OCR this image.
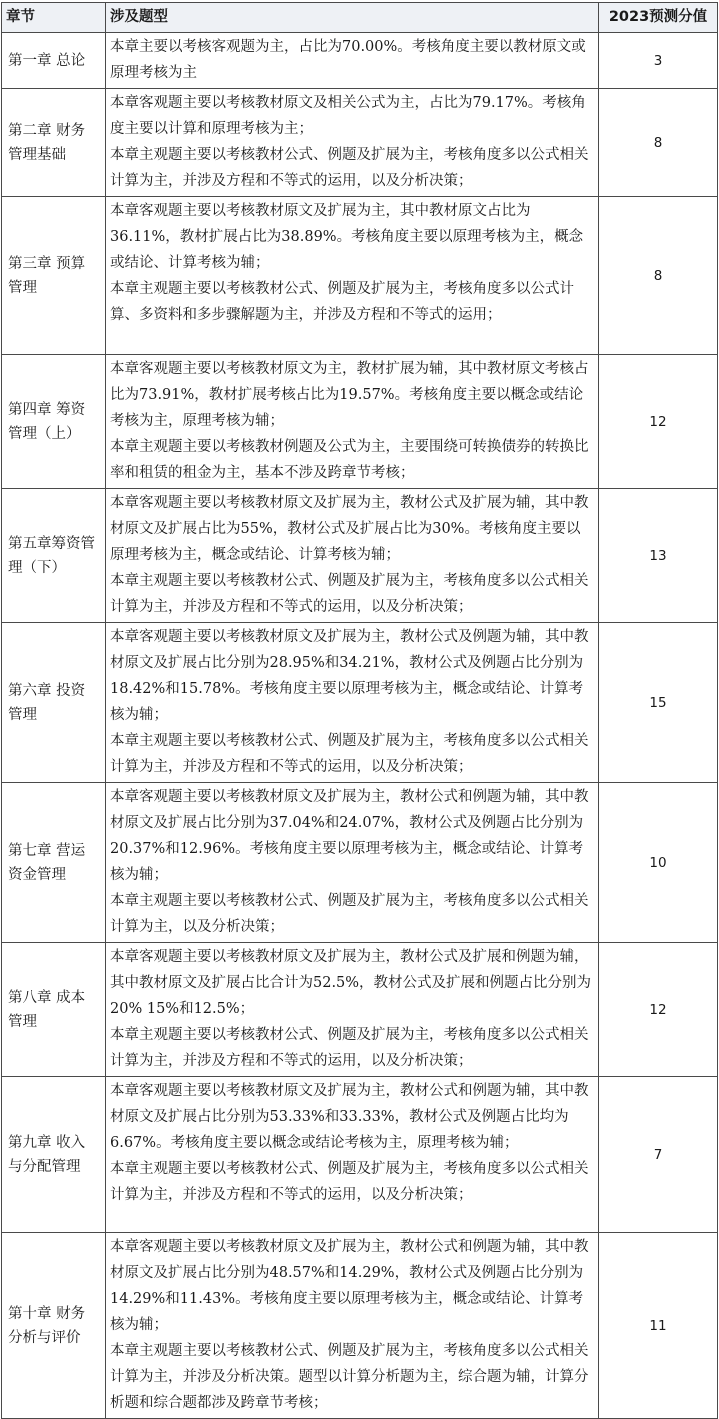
章节	涉及题型	2023预测分值
第一章 总论	本章主要以考核客观题为主，占比为70.00%。考核角度主要以教材原文或原理考核为主	3
第二章 财务管理基础	本章客观题主要以考核教材原文及相关公式为主，占比为79.17%。考核角度主要以计算和原理考核为主；
本章主观题主要以考核教材公式、例题及扩展为主，考核角度多以公式相关计算为主，并涉及方程和不等式的运用，以及分析决策；	8
第三章 预算管理	本章客观题主要以考核教材原文及扩展为主，其中教材原文占比为36.11%，教材扩展占比为38.89%。考核角度主要以原理考核为主，概念或结论、计算考核为辅；
本章主观题主要以考核教材公式、例题及扩展为主，考核角度多以公式计算、多资料和多步骤解题为主，并涉及方程和不等式的运用；	8
第四章 筹资管理（上）	本章客观题主要以考核教材原文为主，教材扩展为辅，其中教材原文考核占比为73.91%，教材扩展考核占比为19.57%。考核角度主要以概念或结论考核为主，原理考核为辅；
本章主观题主要以考核教材例题及公式为主，主要围绕可转换债券的转换比率和租赁的租金为主，基本不涉及跨章节考核；	12
第五章筹资管理（下）	本章客观题主要以考核教材原文及扩展为主，教材公式及扩展为辅，其中教材原文及扩展占比为55%，教材公式及扩展占比为30%。考核角度主要以原理考核为主，概念或结论、计算考核为辅；
本章主观题主要以考核教材公式、例题及扩展为主，考核角度多以公式相关计算为主，并涉及方程和不等式的运用，以及分析决策；	13
第六章 投资管理	本章客观题主要以考核教材原文及扩展为主，教材公式及例题为辅，其中教材原文及扩展占比分别为28.95%和34.21%，教材公式及例题占比分别为18.42%和15.78%。考核角度主要以原理考核为主，概念或结论、计算考核为辅；
本章主观题主要以考核教材公式、例题及扩展为主，考核角度多以公式相关计算为主，并涉及方程和不等式的运用，以及分析决策；	15
第七章 营运资金管理	本章客观题主要以考核教材原文及扩展为主，教材公式和例题为辅，其中教材原文及扩展占比分别为37.04%和24.07%，教材公式及例题占比分别为20.37%和12.96%。考核角度主要以原理考核为主，概念或结论、计算考核为辅；
本章主观题主要以考核教材公式、例题及扩展为主，考核角度多以公式相关计算为主，以及分析决策；	10
第八章 成本管理	本章客观题主要以考核教材原文及扩展为主，教材公式及扩展和例题为辅，其中教材原文及扩展占比合计为52.5%，教材公式及扩展和例题占比分别为20% 15%和12.5%；
本章主观题主要以考核教材公式、例题及扩展为主，考核角度多以公式相关计算为主，并涉及方程和不等式的运用，以及分析决策；	12
第九章 收入与分配管理	本章客观题主要以考核教材原文及扩展为主，教材公式和例题为辅，其中教材原文及扩展占比分别为53.33%和33.33%，教材公式及例题占比均为6.67%。考核角度主要以概念或结论考核为主，原理考核为辅；
本章主观题主要以考核教材公式、例题及扩展为主，考核角度多以公式相关计算为主，并涉及方程和不等式的运用，以及分析决策；	7
第十章 财务分析与评价	本章客观题主要以考核教材原文及扩展为主，教材公式和例题为辅，其中教材原文及扩展占比分别为48.57%和14.29%，教材公式及例题占比分别为14.29%和11.43%。考核角度主要以原理考核为主，概念或结论、计算考核为辅；
本章主观题主要以考核教材公式、例题及扩展为主，考核角度多以公式相关计算为主，并涉及分析决策。题型以计算分析题为主，综合题为辅，计算分析题和综合题都涉及跨章节考核；	11
